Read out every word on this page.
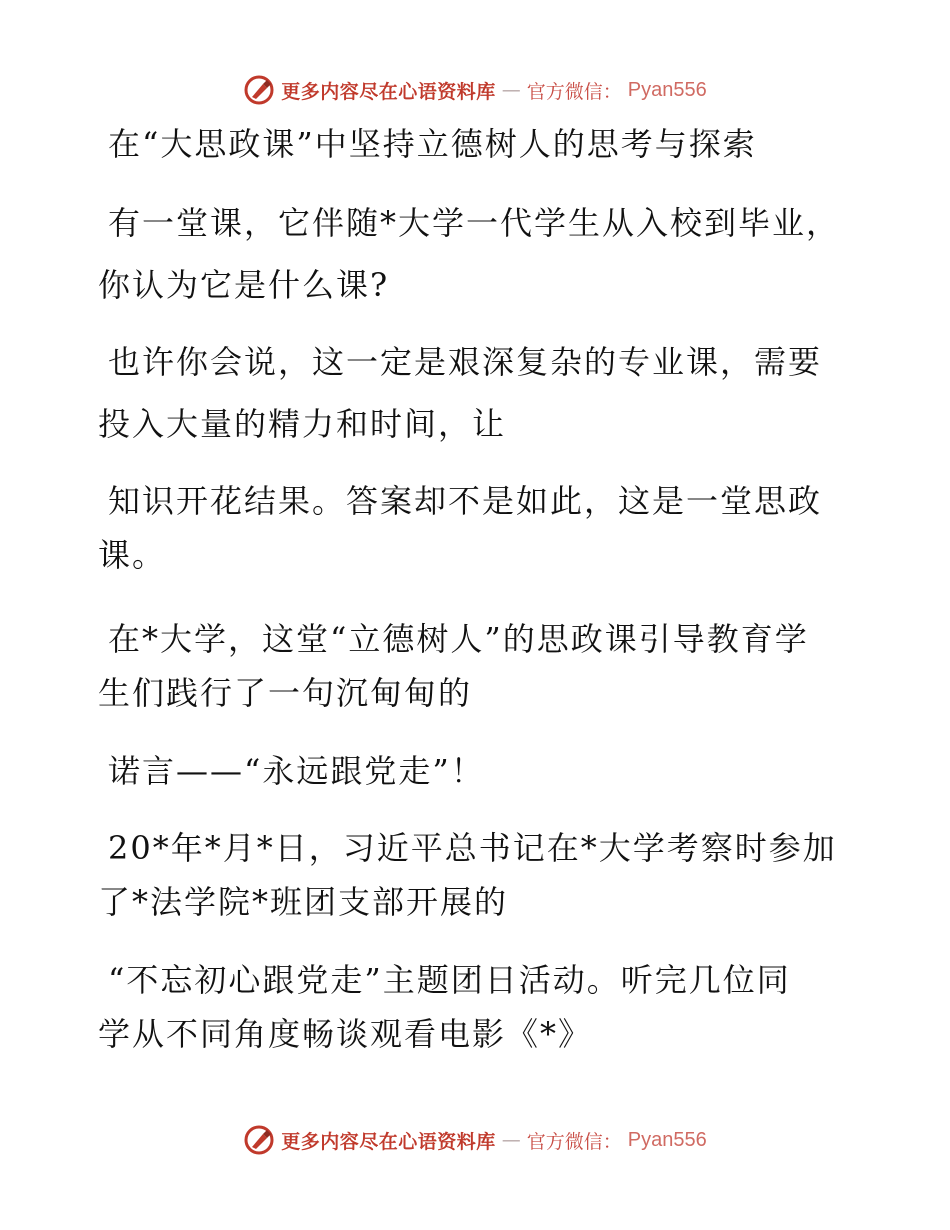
更多内容尽在心语资料库 — 官方微信： Pyan556

在“大思政课”中坚持立德树人的思考与探索

有一堂课，它伴随*大学一代学生从入校到毕业，

你认为它是什么课?

也许你会说，这一定是艰深复杂的专业课，需要

投入大量的精力和时间，让

知识开花结果。答案却不是如此，这是一堂思政

课。

在*大学，这堂“立德树人”的思政课引导教育学

生们践行了一句沉甸甸的

诺言——“永远跟党走”！

20*年*月*日，习近平总书记在*大学考察时参加

了*法学院*班团支部开展的

“不忘初心跟党走”主题团日活动。听完几位同

学从不同角度畅谈观看电影《*》

更多内容尽在心语资料库 — 官方微信： Pyan556
